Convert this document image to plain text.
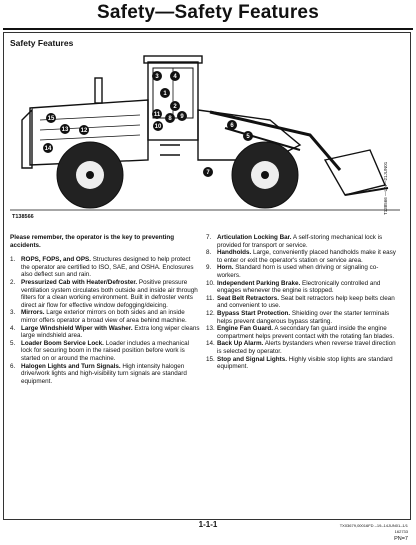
Safety—Safety Features
Safety Features
1
2
3 4
5
6
7
8 9
10
11
12
13
14
15
T138566
T138566 —UN—21JUN01
Please remember, the operator is the key to preventing accidents.
1. ROPS, FOPS, and OPS. Structures designed to help protect the operator are certified to ISO, SAE, and OSHA. Enclosures also deflect sun and rain.
2. Pressurized Cab with Heater/Defroster. Positive pressure ventilation system circulates both outside and inside air through filters for a clean working environment. Built in defroster vents direct air flow for effective window defogging/deicing.
3. Mirrors. Large exterior mirrors on both sides and an inside mirror offers operator a broad view of area behind machine.
4. Large Windshield Wiper with Washer. Extra long wiper cleans large windshield area.
5. Loader Boom Service Lock. Loader includes a mechanical lock for securing boom in the raised position before work is started on or around the machine.
6. Halogen Lights and Turn Signals. High intensity halogen drive/work lights and high-visibility turn signals are standard equipment.
7. Articulation Locking Bar. A self-storing mechanical lock is provided for transport or service.
8. Handholds. Large, conveniently placed handholds make it easy to enter or exit the operator's station or service area.
9. Horn. Standard horn is used when driving or signaling co-workers.
10. Independent Parking Brake. Electronically controlled and engages whenever the engine is stopped.
11. Seat Belt Retractors. Seat belt retractors help keep belts clean and convenient to use.
12. Bypass Start Protection. Shielding over the starter terminals helps prevent dangerous bypass starting.
13. Engine Fan Guard. A secondary fan guard inside the engine compartment helps prevent contact with the rotating fan blades.
14. Back Up Alarm. Alerts bystanders when reverse travel direction is selected by operator.
15. Stop and Signal Lights. Highly visible stop lights are standard equipment.
TX03679,00016FD –19–14JUN01–1/1
1-1-1
162733
PN=7
